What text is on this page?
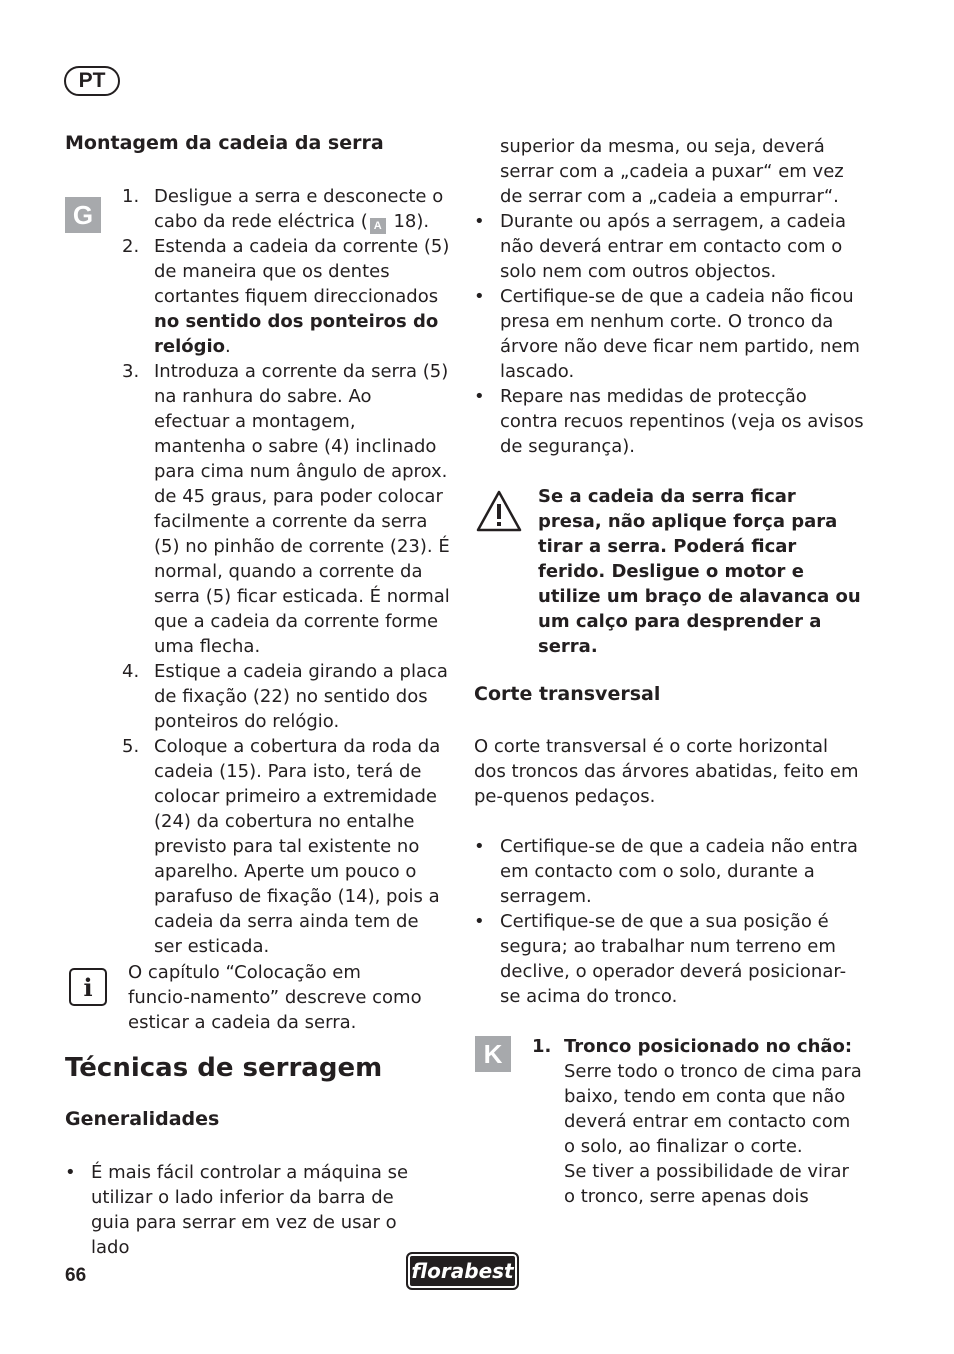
PT
Montagem da cadeia da serra
G
1. Desligue a serra e desconecte o cabo da rede eléctrica ( A 18).
2. Estenda a cadeia da corrente (5) de maneira que os dentes cortantes fiquem direccionados no sentido dos ponteiros do relógio.
3. Introduza a corrente da serra (5) na ranhura do sabre. Ao efectuar a montagem, mantenha o sabre (4) inclinado para cima num ângulo de aprox. de 45 graus, para poder colocar facilmente a corrente da serra (5) no pinhão de corrente (23). É normal, quando a corrente da serra (5) ficar esticada. É normal que a cadeia da corrente forme uma flecha.
4. Estique a cadeia girando a placa de fixação (22) no sentido dos ponteiros do relógio.
5. Coloque a cobertura da roda da cadeia (15). Para isto, terá de colocar primeiro a extremidade (24) da cobertura no entalhe previsto para tal existente no aparelho. Aperte um pouco o parafuso de fixação (14), pois a cadeia da serra ainda tem de ser esticada.
i	O capítulo “Colocação em funcio-namento” descreve como esticar a cadeia da serra.
Técnicas de serragem
Generalidades
• É mais fácil controlar a máquina se utilizar o lado inferior da barra de guia para serrar em vez de usar o lado
superior da mesma, ou seja, deverá serrar com a „cadeia a puxar“ em vez de serrar com a „cadeia a empurrar“.
• Durante ou após a serragem, a cadeia não deverá entrar em contacto com o solo nem com outros objectos.
• Certifique-se de que a cadeia não ficou presa em nenhum corte. O tronco da árvore não deve ficar nem partido, nem lascado.
• Repare nas medidas de protecção contra recuos repentinos (veja os avisos de segurança).
Se a cadeia da serra ficar presa, não aplique força para tirar a serra. Poderá ficar ferido. Desligue o motor e utilize um braço de alavanca ou um calço para desprender a serra.
Corte transversal
O corte transversal é o corte horizontal dos troncos das árvores abatidas, feito em pe-quenos pedaços.
• Certifique-se de que a cadeia não entra em contacto com o solo, durante a serragem.
• Certifique-se de que a sua posição é segura; ao trabalhar num terreno em declive, o operador deverá posicionar-se acima do tronco.
K	1. Tronco posicionado no chão:
Serre todo o tronco de cima para baixo, tendo em conta que não deverá entrar em contacto com o solo, ao finalizar o corte.
Se tiver a possibilidade de virar o tronco, serre apenas dois
66	florabest
